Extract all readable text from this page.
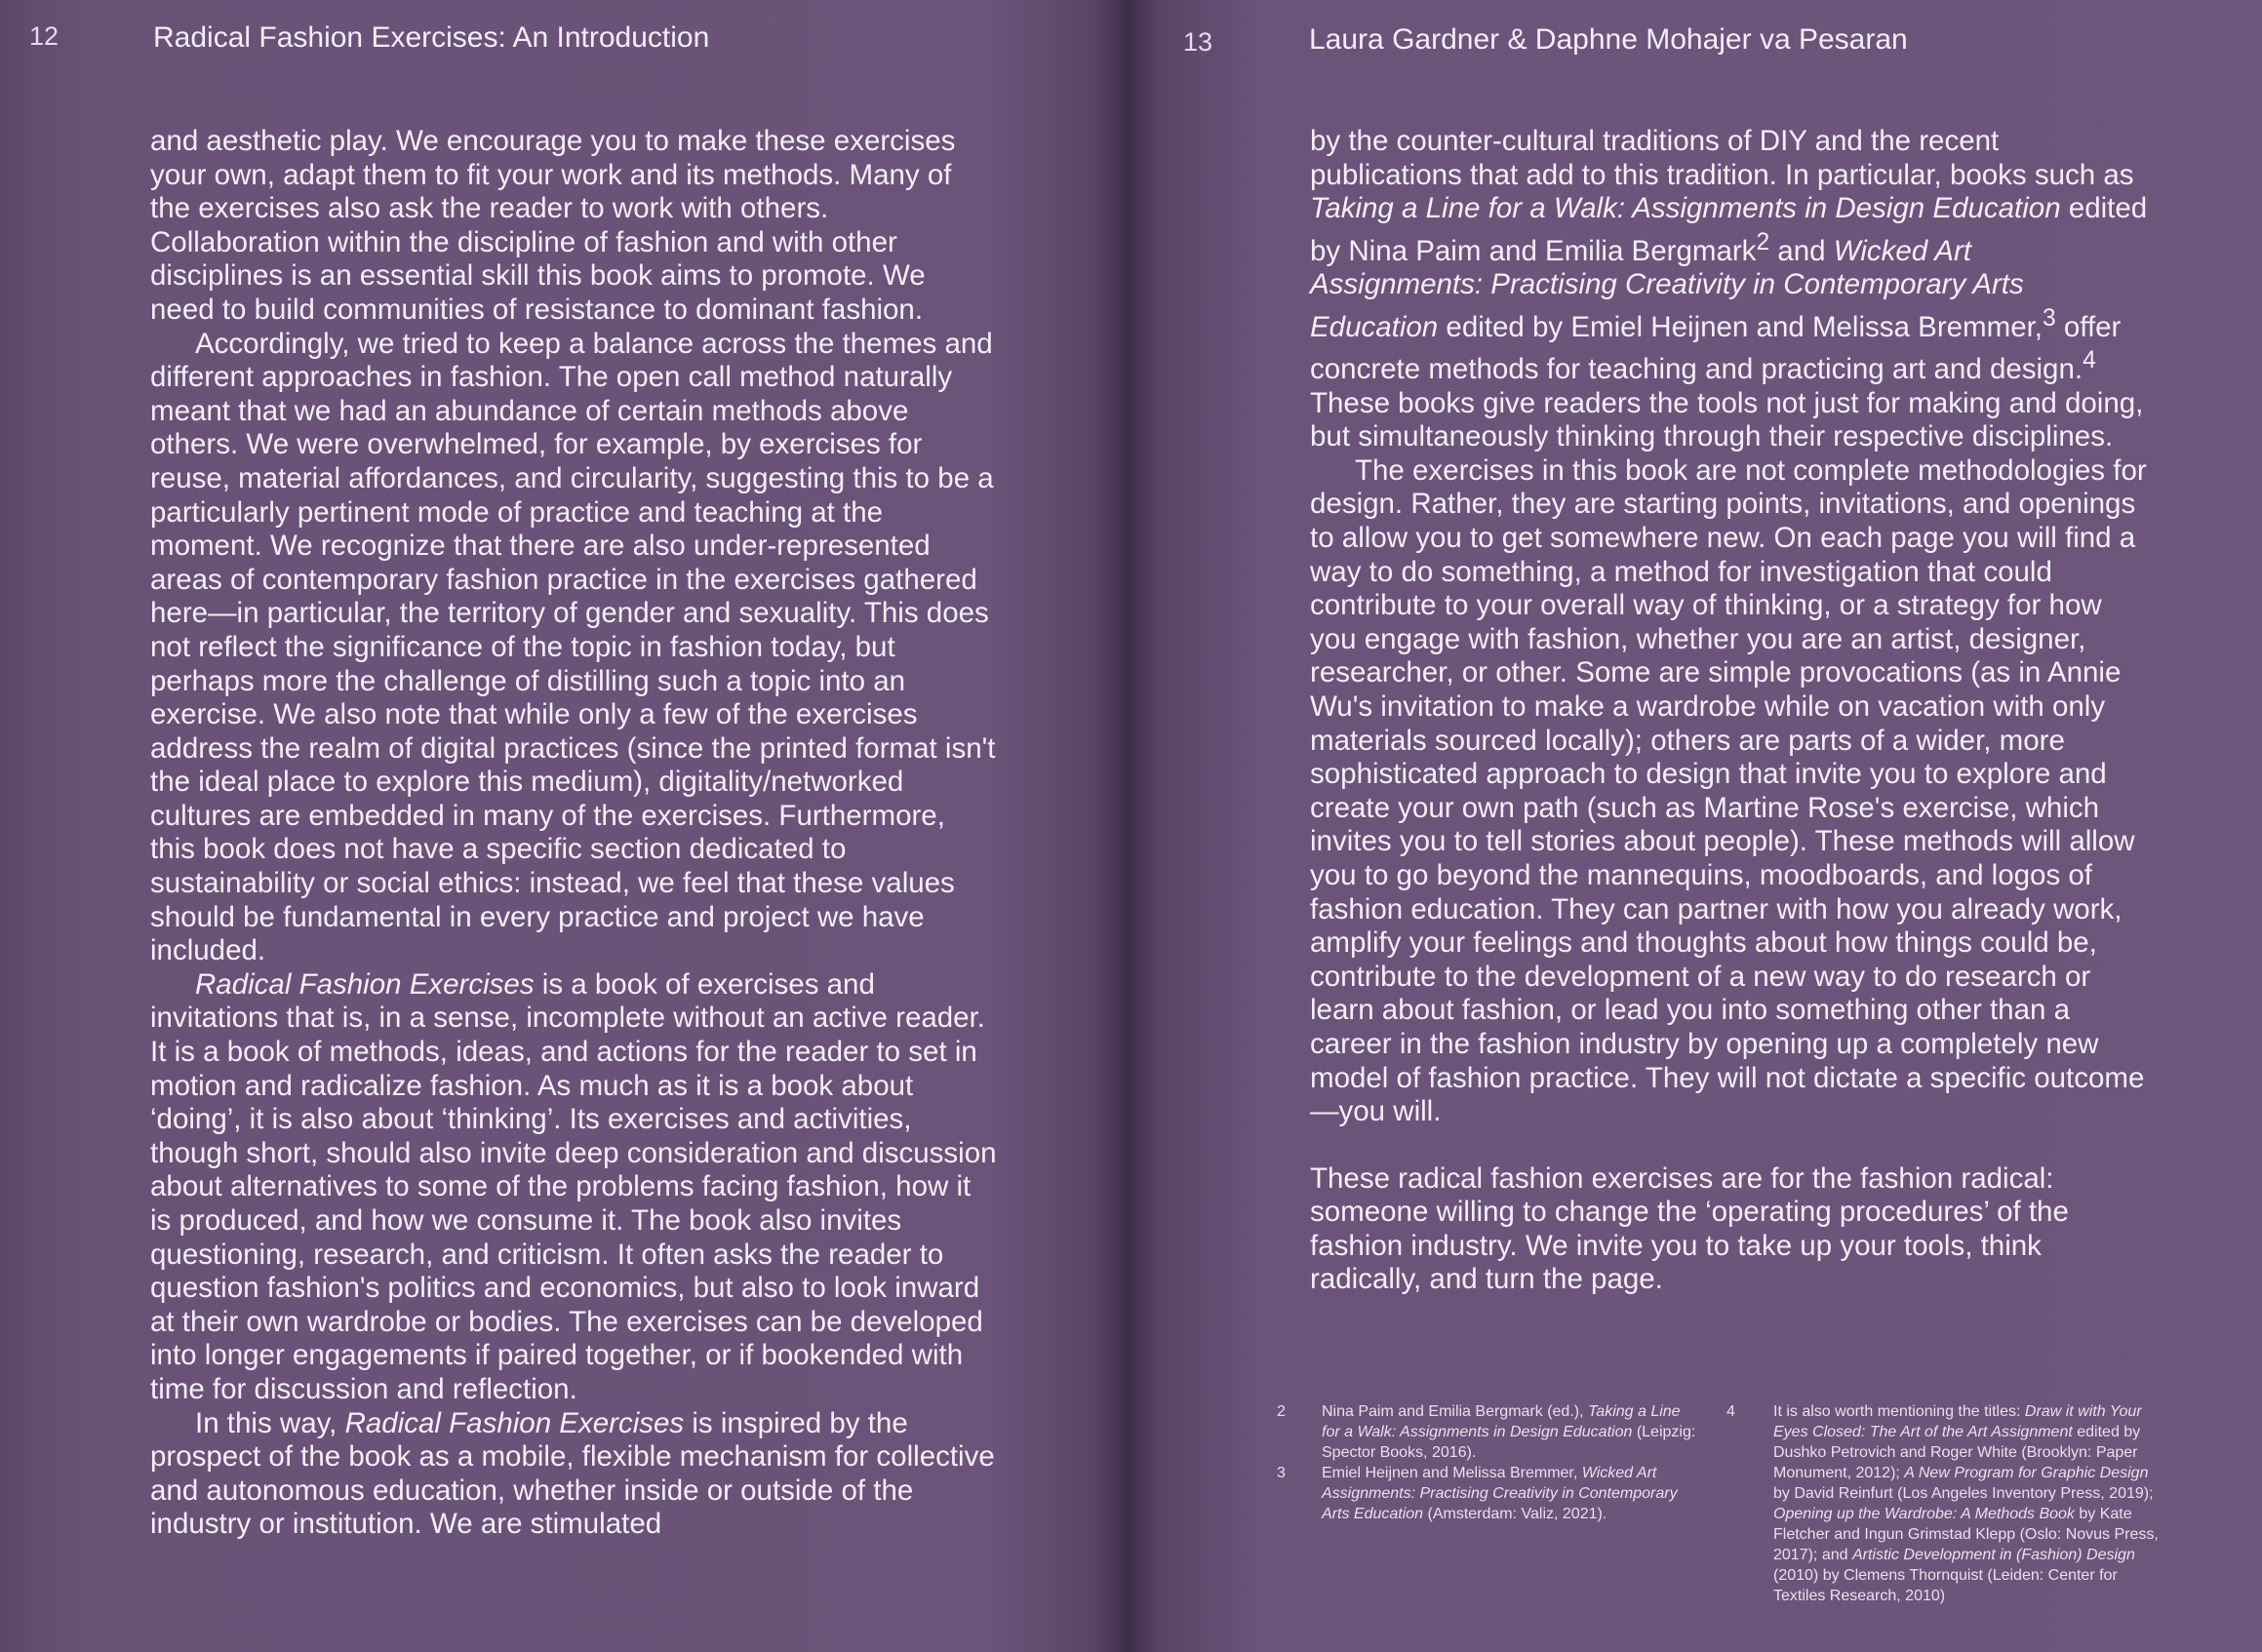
12	Radical Fashion Exercises: An Introduction

and aesthetic play. We encourage you to make these exercises your own, adapt them to fit your work and its methods. Many of the exercises also ask the reader to work with others. Collaboration within the discipline of fashion and with other disciplines is an essential skill this book aims to promote. We need to build communities of resistance to dominant fashion.

Accordingly, we tried to keep a balance across the themes and different approaches in fashion. The open call method naturally meant that we had an abundance of certain methods above others. We were overwhelmed, for example, by exercises for reuse, material affordances, and circularity, suggesting this to be a particularly pertinent mode of practice and teaching at the moment. We recognize that there are also under-represented areas of contemporary fashion practice in the exercises gathered here—in particular, the territory of gender and sexuality. This does not reflect the significance of the topic in fashion today, but perhaps more the challenge of distilling such a topic into an exercise. We also note that while only a few of the exercises address the realm of digital practices (since the printed format isn't the ideal place to explore this medium), digitality/networked cultures are embedded in many of the exercises. Furthermore, this book does not have a specific section dedicated to sustainability or social ethics: instead, we feel that these values should be fundamental in every practice and project we have included.

Radical Fashion Exercises is a book of exercises and invitations that is, in a sense, incomplete without an active reader. It is a book of methods, ideas, and actions for the reader to set in motion and radicalize fashion. As much as it is a book about ‘doing’, it is also about ‘thinking’. Its exercises and activities, though short, should also invite deep consideration and discussion about alternatives to some of the problems facing fashion, how it is produced, and how we consume it. The book also invites questioning, research, and criticism. It often asks the reader to question fashion's politics and economics, but also to look inward at their own wardrobe or bodies. The exercises can be developed into longer engagements if paired together, or if bookended with time for discussion and reflection.

In this way, Radical Fashion Exercises is inspired by the prospect of the book as a mobile, flexible mechanism for collective and autonomous education, whether inside or outside of the industry or institution. We are stimulated

13	Laura Gardner & Daphne Mohajer va Pesaran

by the counter-cultural traditions of DIY and the recent publications that add to this tradition. In particular, books such as Taking a Line for a Walk: Assignments in Design Education edited by Nina Paim and Emilia Bergmark$^2$ and Wicked Art Assignments: Practising Creativity in Contemporary Arts Education edited by Emiel Heijnen and Melissa Bremmer,$^3$ offer concrete methods for teaching and practicing art and design.$^4$ These books give readers the tools not just for making and doing, but simultaneously thinking through their respective disciplines.

The exercises in this book are not complete methodologies for design. Rather, they are starting points, invitations, and openings to allow you to get somewhere new. On each page you will find a way to do something, a method for investigation that could contribute to your overall way of thinking, or a strategy for how you engage with fashion, whether you are an artist, designer, researcher, or other. Some are simple provocations (as in Annie Wu's invitation to make a wardrobe while on vacation with only materials sourced locally); others are parts of a wider, more sophisticated approach to design that invite you to explore and create your own path (such as Martine Rose's exercise, which invites you to tell stories about people). These methods will allow you to go beyond the mannequins, moodboards, and logos of fashion education. They can partner with how you already work, amplify your feelings and thoughts about how things could be, contribute to the development of a new way to do research or learn about fashion, or lead you into something other than a career in the fashion industry by opening up a completely new model of fashion practice. They will not dictate a specific outcome—you will.

These radical fashion exercises are for the fashion radical: someone willing to change the ‘operating procedures’ of the fashion industry. We invite you to take up your tools, think radically, and turn the page.

2	Nina Paim and Emilia Bergmark (ed.), Taking a Line for a Walk: Assignments in Design Education (Leipzig: Spector Books, 2016).
3	Emiel Heijnen and Melissa Bremmer, Wicked Art Assignments: Practising Creativity in Contemporary Arts Education (Amsterdam: Valiz, 2021).
4	It is also worth mentioning the titles: Draw it with Your Eyes Closed: The Art of the Art Assignment edited by Dushko Petrovich and Roger White (Brooklyn: Paper Monument, 2012); A New Program for Graphic Design by David Reinfurt (Los Angeles Inventory Press, 2019); Opening up the Wardrobe: A Methods Book by Kate Fletcher and Ingun Grimstad Klepp (Oslo: Novus Press, 2017); and Artistic Development in (Fashion) Design (2010) by Clemens Thornquist (Leiden: Center for Textiles Research, 2010)
